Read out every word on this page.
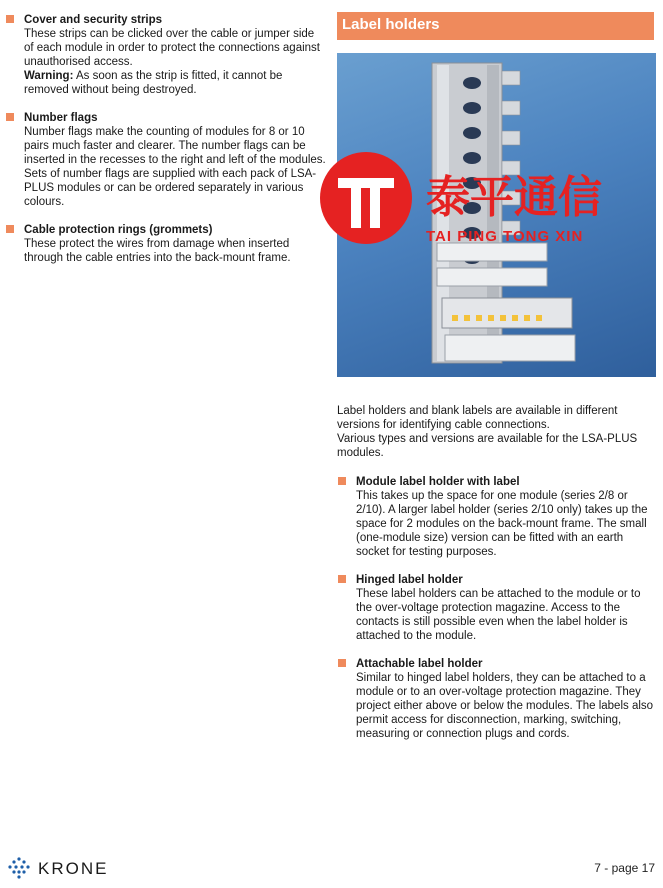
Cover and security strips
These strips can be clicked over the cable or jumper side of each module in order to protect the connections against unauthorised access.
Warning: As soon as the strip is fitted, it cannot be removed without being destroyed.
Number flags
Number flags make the counting of modules for 8 or 10 pairs much faster and clearer. The number flags can be inserted in the recesses to the right and left of the modules. Sets of number flags are supplied with each pack of LSA-PLUS modules or can be ordered separately in various colours.
Cable protection rings (grommets)
These protect the wires from damage when inserted through the cable entries into the back-mount frame.
Label holders
泰平通信
TAI PING TONG XIN
Label holders and blank labels are available in different versions for identifying cable connections.
Various types and versions are available for the LSA-PLUS modules.
Module label holder with label
This takes up the space for one module (series 2/8 or 2/10). A larger label holder (series 2/10 only) takes up the space for 2 modules on the back-mount frame. The small (one-module size) version can be fitted with an earth socket for testing purposes.
Hinged label holder
These label holders can be attached to the module or to the over-voltage protection magazine. Access to the contacts is still possible even when the label holder is attached to the module.
Attachable label holder
Similar to hinged label holders, they can be attached to a module or to an over-voltage protection magazine. They project either above or below the modules. The labels also permit access for disconnection, marking, switching, measuring or connection plugs and cords.
KRONE	7 - page 17
